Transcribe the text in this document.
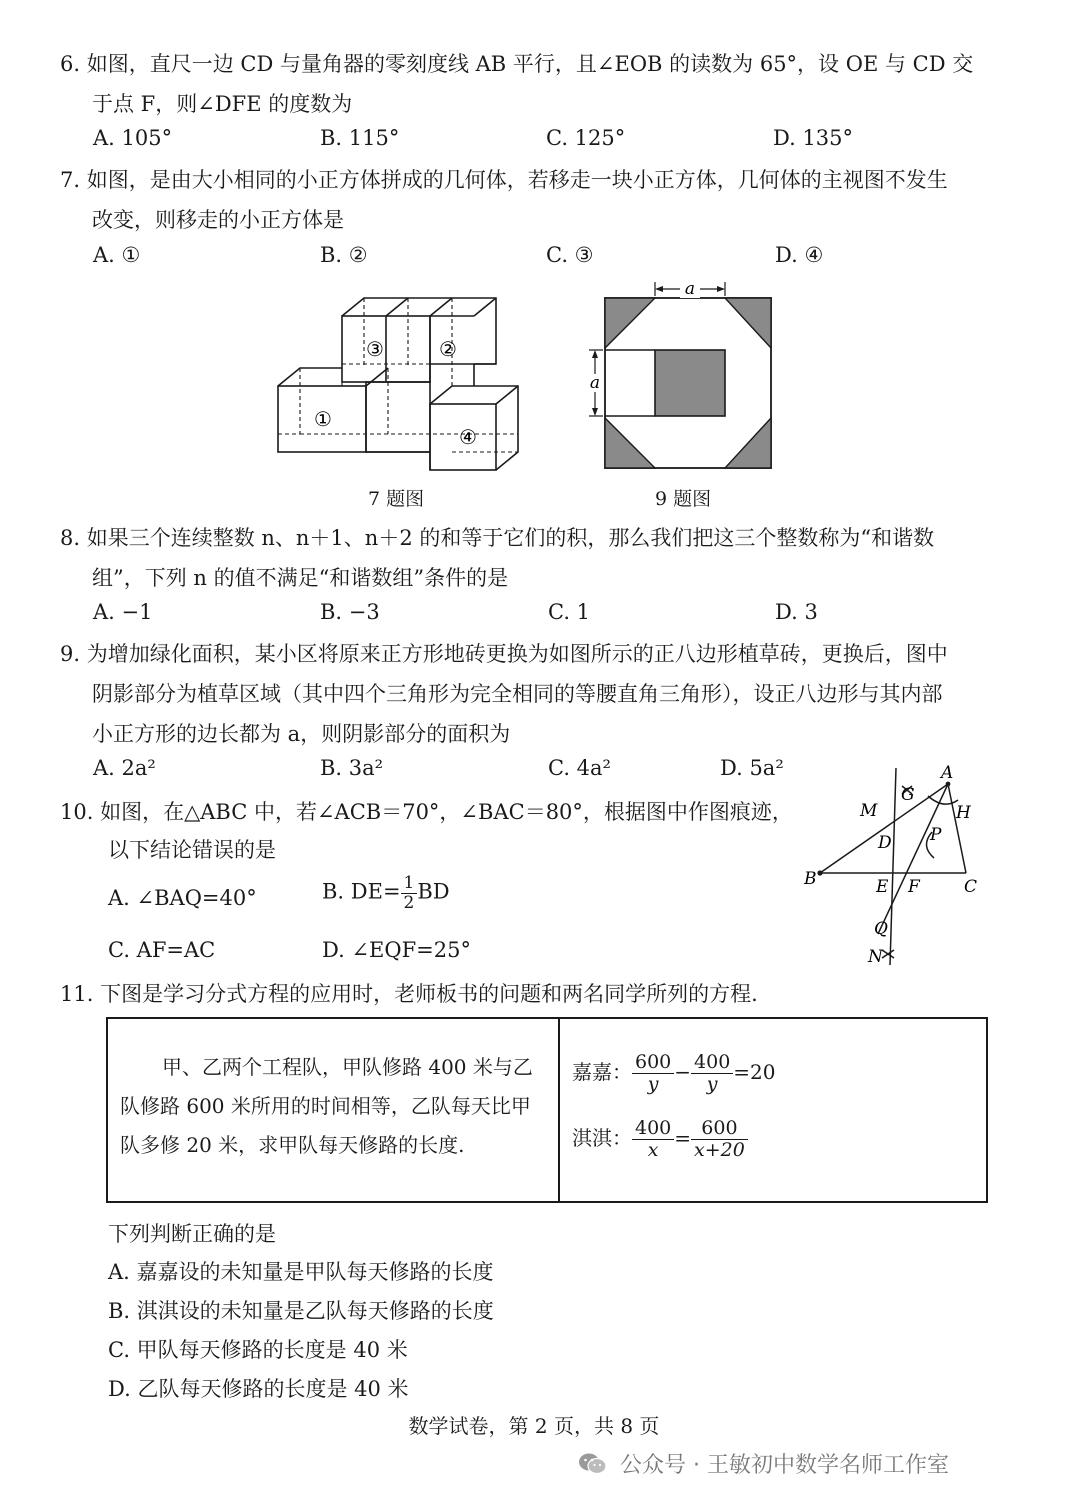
6. 如图，直尺一边 CD 与量角器的零刻度线 AB 平行，且∠EOB 的读数为 65°，设 OE 与 CD 交
于点 F，则∠DFE 的度数为
A. 105°	B. 115°	C. 125°	D. 135°
7. 如图，是由大小相同的小正方体拼成的几何体，若移走一块小正方体，几何体的主视图不发生
改变，则移走的小正方体是
A. ①	B. ②	C. ③	D. ④
③	②
①
④
7 题图
a
a
9 题图
8. 如果三个连续整数 n、n＋1、n＋2 的和等于它们的积，那么我们把这三个整数称为“和谐数
组”，下列 n 的值不满足“和谐数组”条件的是
A. −1	B. −3	C. 1	D. 3
9. 为增加绿化面积，某小区将原来正方形地砖更换为如图所示的正八边形植草砖，更换后，图中
阴影部分为植草区域（其中四个三角形为完全相同的等腰直角三角形），设正八边形与其内部
小正方形的边长都为 a，则阴影部分的面积为
A. 2a²	B. 3a²	C. 4a²	D. 5a²
10. 如图，在△ABC 中，若∠ACB＝70°，∠BAC＝80°，根据图中作图痕迹，
以下结论错误的是
A. ∠BAQ=40°	B. $DE= \frac{1}{2}$ BD
C. AF=AC	D. ∠EQF=25°
A
G
M	H
D P
B	E F	C
Q
N
11. 下图是学习分式方程的应用时，老师板书的问题和两名同学所列的方程.
甲、乙两个工程队，甲队修路 400 米与乙队修路 600 米所用的时间相等，乙队每天比甲队多修 20 米，求甲队每天修路的长度.
嘉嘉： $\frac{600}{y} - \frac{400}{y} =20$
淇淇： $\frac{400}{x} = \frac{600}{x+20}$
下列判断正确的是
A. 嘉嘉设的未知量是甲队每天修路的长度
B. 淇淇设的未知量是乙队每天修路的长度
C. 甲队每天修路的长度是 40 米
D. 乙队每天修路的长度是 40 米
数学试卷，第 2 页，共 8 页
公众号 · 王敏初中数学名师工作室
